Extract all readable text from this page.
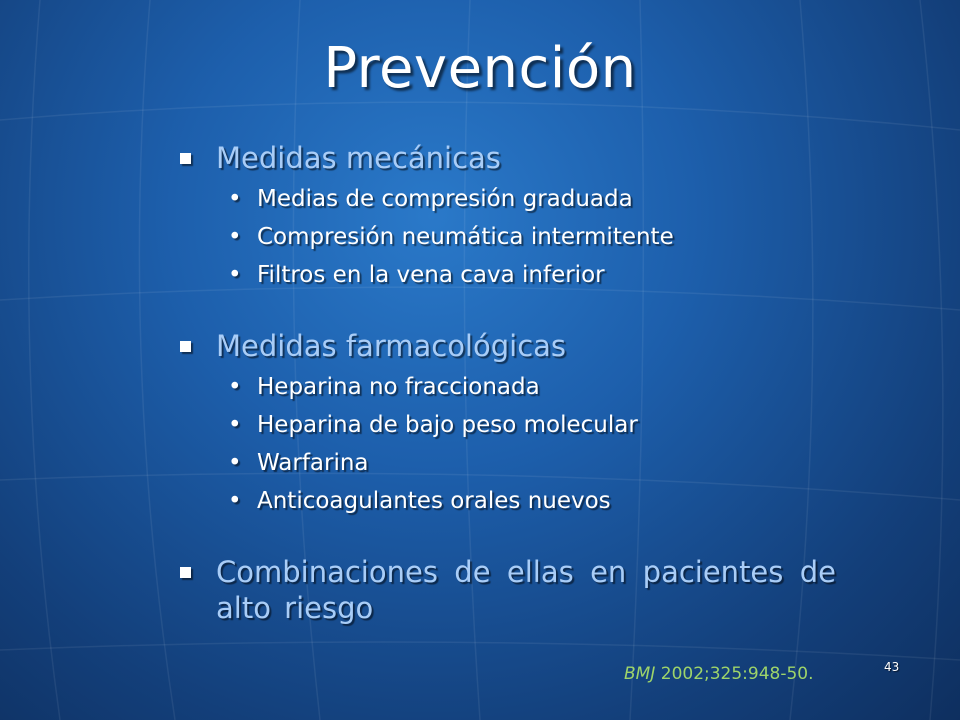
Prevención
Medidas mecánicas
• Medias de compresión graduada
• Compresión neumática intermitente
• Filtros en la vena cava inferior
Medidas farmacológicas
• Heparina no fraccionada
• Heparina de bajo peso molecular
• Warfarina
• Anticoagulantes orales nuevos
Combinaciones de ellas en pacientes de alto riesgo
BMJ 2002;325:948-50.	43
